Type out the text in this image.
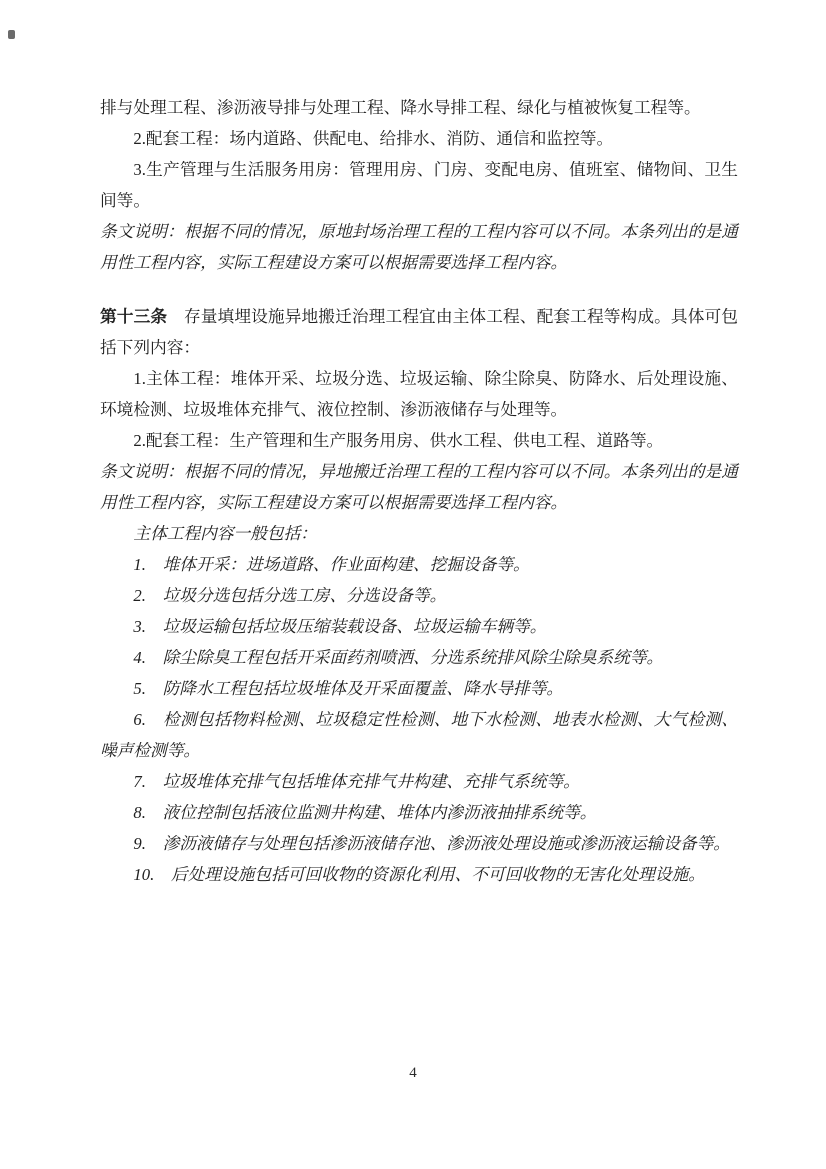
排与处理工程、渗沥液导排与处理工程、降水导排工程、绿化与植被恢复工程等。

2.配套工程：场内道路、供配电、给排水、消防、通信和监控等。

3.生产管理与生活服务用房：管理用房、门房、变配电房、值班室、储物间、卫生间等。

条文说明：根据不同的情况，原地封场治理工程的工程内容可以不同。本条列出的是通用性工程内容，实际工程建设方案可以根据需要选择工程内容。

第十三条　存量填埋设施异地搬迁治理工程宜由主体工程、配套工程等构成。具体可包括下列内容：

1.主体工程：堆体开采、垃圾分选、垃圾运输、除尘除臭、防降水、后处理设施、环境检测、垃圾堆体充排气、液位控制、渗沥液储存与处理等。

2.配套工程：生产管理和生产服务用房、供水工程、供电工程、道路等。

条文说明：根据不同的情况，异地搬迁治理工程的工程内容可以不同。本条列出的是通用性工程内容，实际工程建设方案可以根据需要选择工程内容。

主体工程内容一般包括：

1.　堆体开采：进场道路、作业面构建、挖掘设备等。

2.　垃圾分选包括分选工房、分选设备等。

3.　垃圾运输包括垃圾压缩装载设备、垃圾运输车辆等。

4.　除尘除臭工程包括开采面药剂喷洒、分选系统排风除尘除臭系统等。

5.　防降水工程包括垃圾堆体及开采面覆盖、降水导排等。

6.　检测包括物料检测、垃圾稳定性检测、地下水检测、地表水检测、大气检测、噪声检测等。

7.　垃圾堆体充排气包括堆体充排气井构建、充排气系统等。

8.　液位控制包括液位监测井构建、堆体内渗沥液抽排系统等。

9.　渗沥液储存与处理包括渗沥液储存池、渗沥液处理设施或渗沥液运输设备等。

10.　后处理设施包括可回收物的资源化利用、不可回收物的无害化处理设施。

4
